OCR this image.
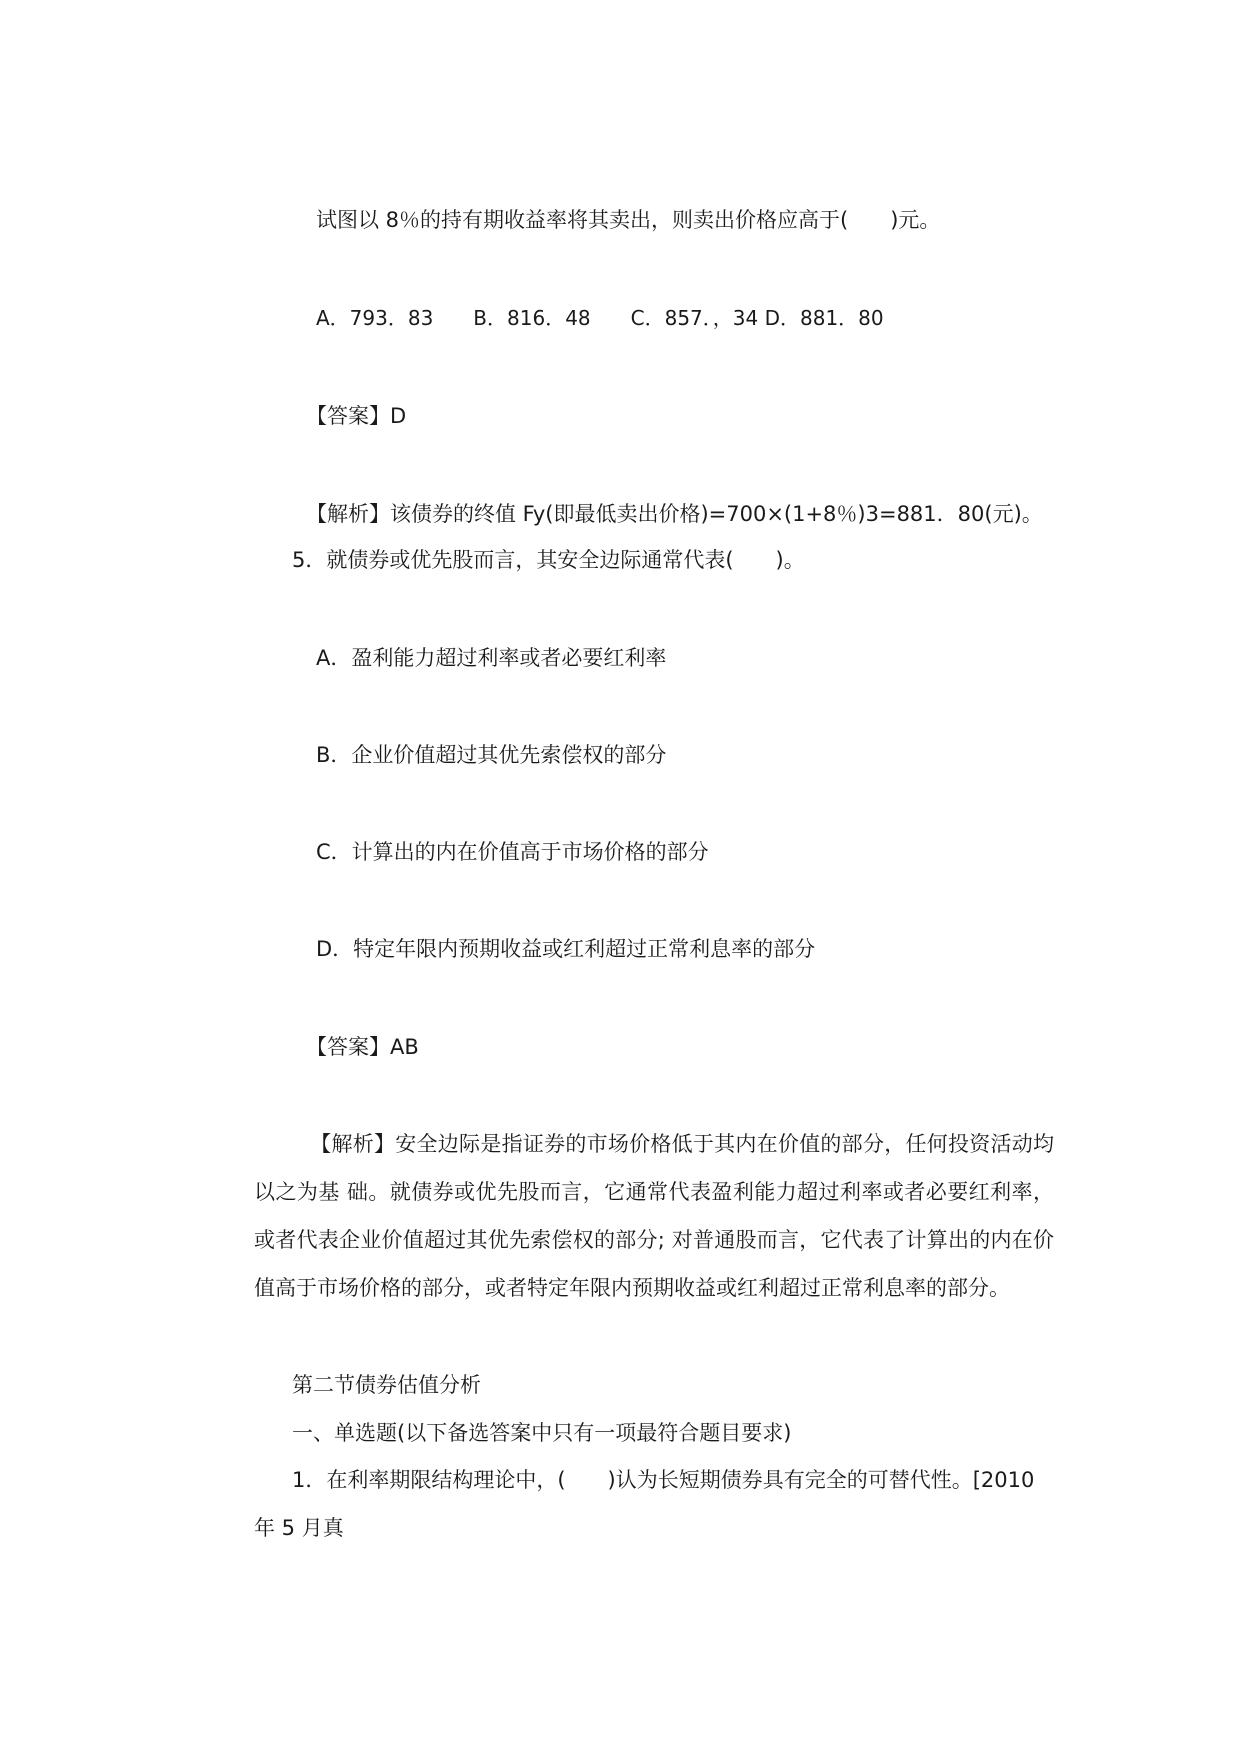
试图以 8％的持有期收益率将其卖出，则卖出价格应高于(　　)元。
A．793．83　　B．816．48　　C．857．，34 D．881．80
【答案】D
【解析】该债券的终值 Fy(即最低卖出价格)=700×(1+8％)3=881．80(元)。
5．就债券或优先股而言，其安全边际通常代表(　　)。
A．盈利能力超过利率或者必要红利率
B．企业价值超过其优先索偿权的部分
C．计算出的内在价值高于市场价格的部分
D．特定年限内预期收益或红利超过正常利息率的部分
【答案】AB
【解析】安全边际是指证券的市场价格低于其内在价值的部分，任何投资活动均以之为基 础。就债券或优先股而言，它通常代表盈利能力超过利率或者必要红利率，或者代表企业价值超过其优先索偿权的部分; 对普通股而言，它代表了计算出的内在价值高于市场价格的部分，或者特定年限内预期收益或红利超过正常利息率的部分。
第二节债券估值分析
一、单选题(以下备选答案中只有一项最符合题目要求)
1．在利率期限结构理论中，(　　)认为长短期债券具有完全的可替代性。[2010
年 5 月真
